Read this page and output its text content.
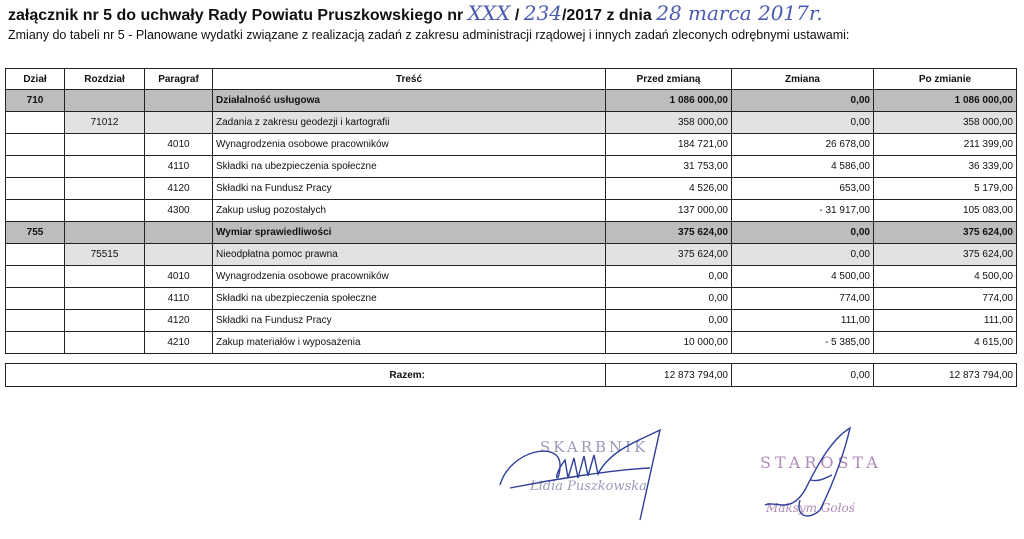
załącznik nr 5 do uchwały Rady Powiatu Pruszkowskiego nr XXX / 234/2017 z dnia 28 marca 2017r.
Zmiany do tabeli nr 5 - Planowane wydatki związane z realizacją zadań z zakresu administracji rządowej i innych zadań zleconych odrębnymi ustawami:
Dział	Rozdział	Paragraf	Treść	Przed zmianą	Zmiana	Po zmianie
710			Działalność usługowa	1 086 000,00	0,00	1 086 000,00
	71012		Zadania z zakresu geodezji i kartografii	358 000,00	0,00	358 000,00
		4010	Wynagrodzenia osobowe pracowników	184 721,00	26 678,00	211 399,00
		4110	Składki na ubezpieczenia społeczne	31 753,00	4 586,00	36 339,00
		4120	Składki na Fundusz Pracy	4 526,00	653,00	5 179,00
		4300	Zakup usług pozostałych	137 000,00	- 31 917,00	105 083,00
755			Wymiar sprawiedliwości	375 624,00	0,00	375 624,00
	75515		Nieodpłatna pomoc prawna	375 624,00	0,00	375 624,00
		4010	Wynagrodzenia osobowe pracowników	0,00	4 500,00	4 500,00
		4110	Składki na ubezpieczenia społeczne	0,00	774,00	774,00
		4120	Składki na Fundusz Pracy	0,00	111,00	111,00
		4210	Zakup materiałów i wyposażenia	10 000,00	- 5 385,00	4 615,00
Razem:	12 873 794,00	0,00	12 873 794,00
SKARBNIK
Lidia Puszkowska
STAROSTA
Maksym Gołoś
